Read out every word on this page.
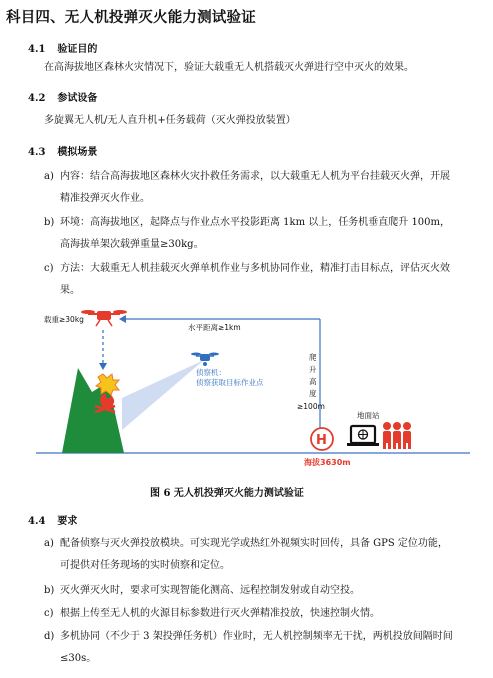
科目四、无人机投弹灭火能力测试验证
4.1 验证目的
在高海拔地区森林火灾情况下，验证大载重无人机搭载灭火弹进行空中灭火的效果。
4.2 参试设备
多旋翼无人机/无人直升机+任务载荷（灭火弹投放装置）
4.3 模拟场景
a) 内容：结合高海拔地区森林火灾扑救任务需求，以大载重无人机为平台挂载灭火弹，开展精准投弹灭火作业。
b) 环境：高海拔地区，起降点与作业点水平投影距离 1km 以上，任务机垂直爬升 100m，高海拔单架次载弹重量≥30kg。
c) 方法：大载重无人机挂载灭火弹单机作业与多机协同作业，精准打击目标点，评估灭火效果。
载重≥30kg
水平距离≥1km
爬
升
高
度
≥100m
侦察机：
侦察获取目标作业点
H
海拔3630m
地面站
图 6 无人机投弹灭火能力测试验证
4.4 要求
a) 配备侦察与灭火弹投放模块。可实现光学或热红外视频实时回传，具备 GPS 定位功能，可提供对任务现场的实时侦察和定位。
b) 灭火弹灭火时，要求可实现智能化测高、远程控制发射或自动空投。
c) 根据上传至无人机的火源目标参数进行灭火弹精准投放，快速控制火情。
d) 多机协同（不少于 3 架投弹任务机）作业时，无人机控制频率无干扰，两机投放间隔时间≤30s。
